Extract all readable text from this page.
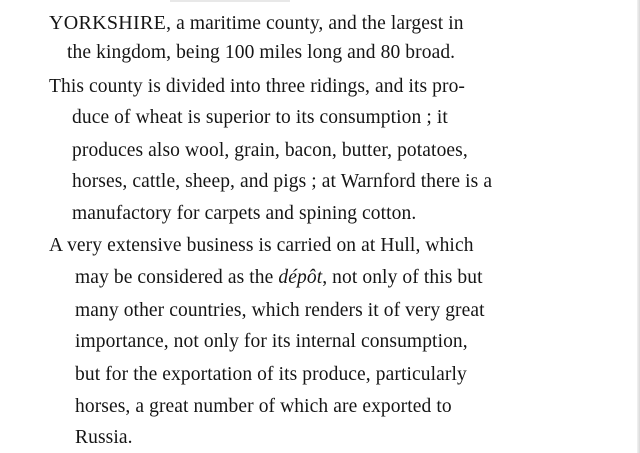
YORKSHIRE, a maritime county, and the largest in
the kingdom, being 100 miles long and 80 broad.
This county is divided into three ridings, and its pro-
duce of wheat is superior to its consumption ; it
produces also wool, grain, bacon, butter, potatoes,
horses, cattle, sheep, and pigs ; at Warnford there is a
manufactory for carpets and spining cotton.
A very extensive business is carried on at Hull, which
may be considered as the dépôt, not only of this but
many other countries, which renders it of very great
importance, not only for its internal consumption,
but for the exportation of its produce, particularly
horses, a great number of which are exported to
Russia.
